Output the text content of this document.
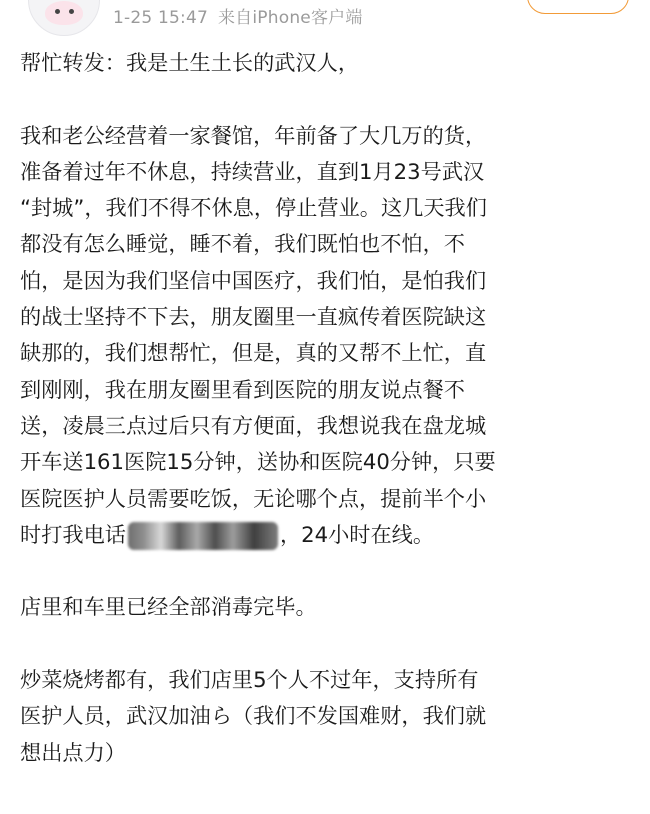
1-25 15:47 来自iPhone客户端
帮忙转发：我是土生土长的武汉人，
我和老公经营着一家餐馆，年前备了大几万的货，
准备着过年不休息，持续营业，直到1月23号武汉
“封城”，我们不得不休息，停止营业。这几天我们
都没有怎么睡觉，睡不着，我们既怕也不怕，不
怕，是因为我们坚信中国医疗，我们怕，是怕我们
的战士坚持不下去，朋友圈里一直疯传着医院缺这
缺那的，我们想帮忙，但是，真的又帮不上忙，直
到刚刚，我在朋友圈里看到医院的朋友说点餐不
送，凌晨三点过后只有方便面，我想说我在盘龙城
开车送161医院15分钟，送协和医院40分钟，只要
医院医护人员需要吃饭，无论哪个点，提前半个小
时打我电话	，24小时在线。
店里和车里已经全部消毒完毕。
炒菜烧烤都有，我们店里5个人不过年，支持所有
医护人员，武汉加油ら（我们不发国难财，我们就
想出点力）
